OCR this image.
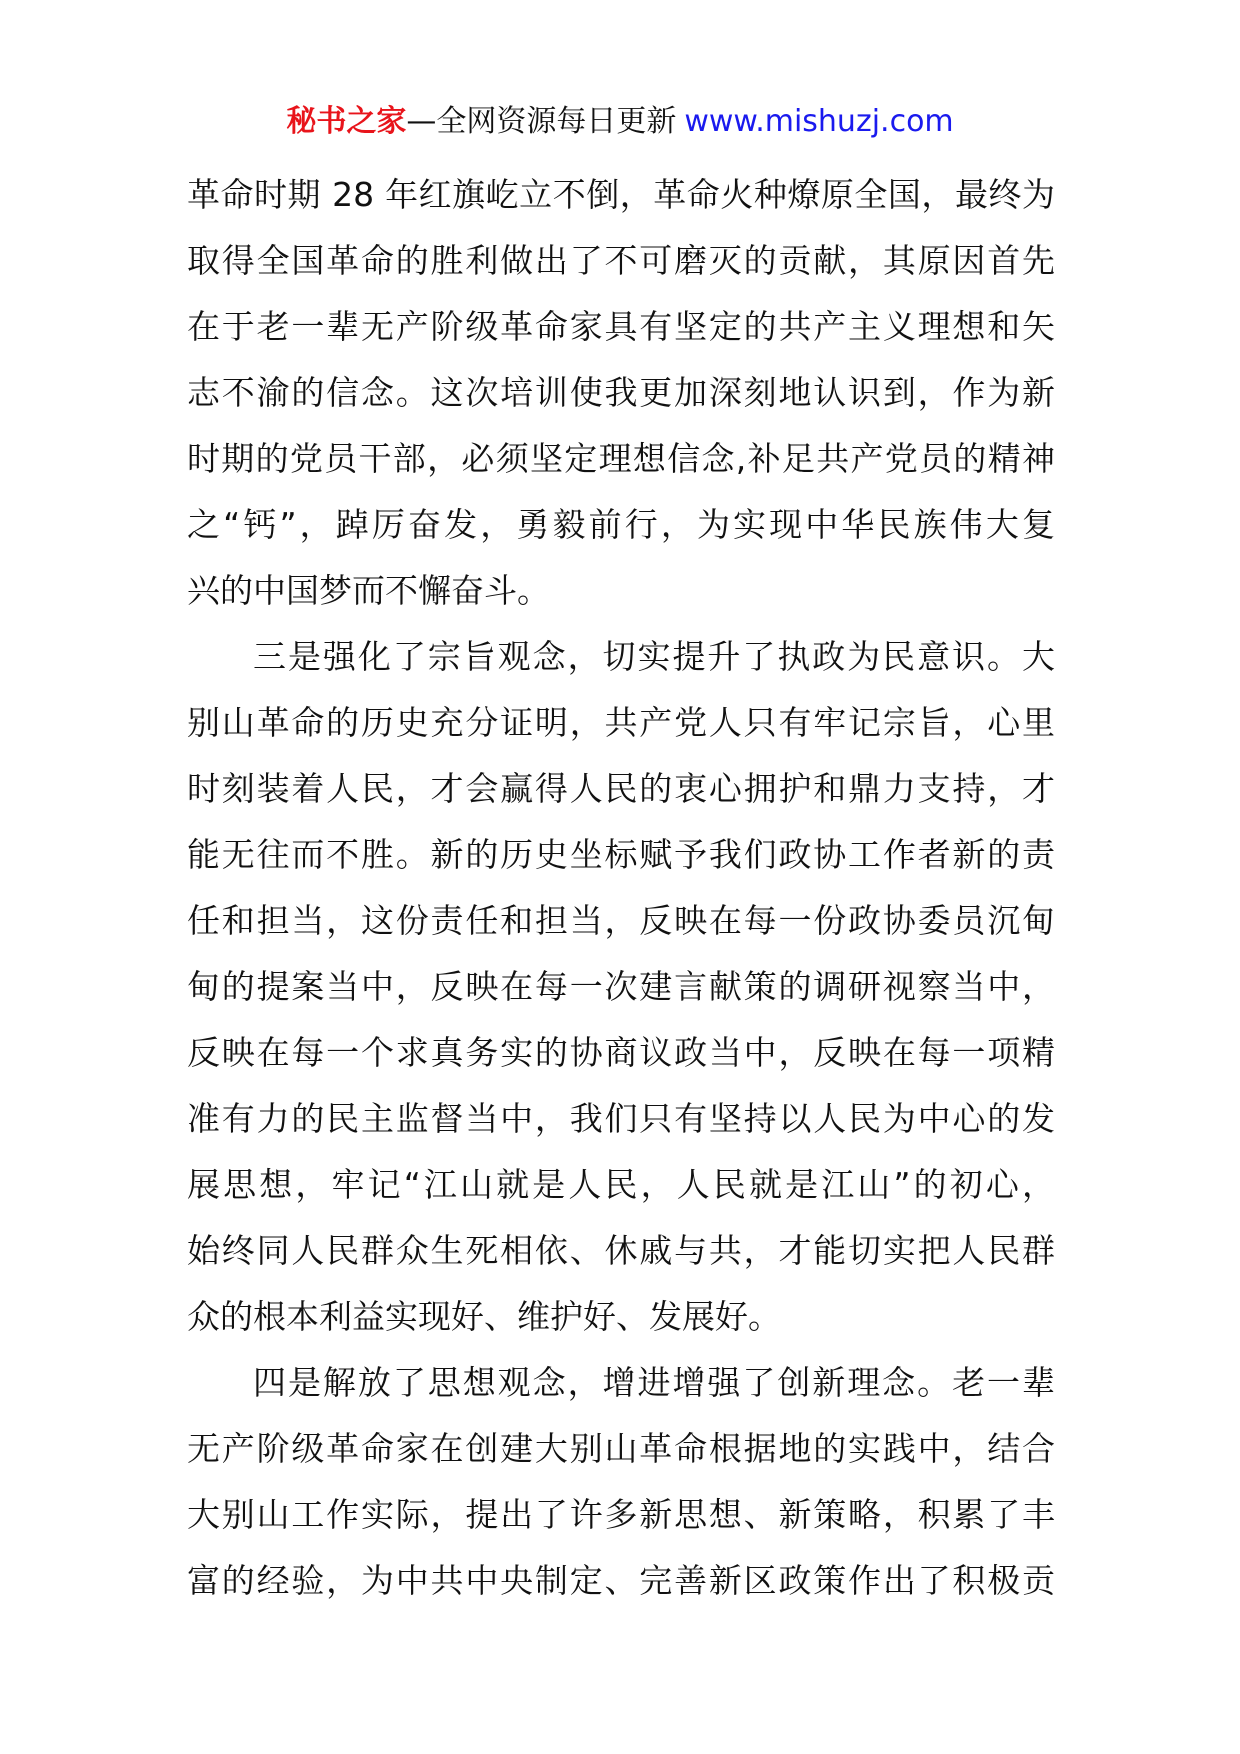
秘书之家—全网资源每日更新 www.mishuzj.com
革命时期 28 年红旗屹立不倒，革命火种燎原全国，最终为
取得全国革命的胜利做出了不可磨灭的贡献，其原因首先
在于老一辈无产阶级革命家具有坚定的共产主义理想和矢
志不渝的信念。这次培训使我更加深刻地认识到，作为新
时期的党员干部，必须坚定理想信念,补足共产党员的精神
之“钙”，踔厉奋发，勇毅前行，为实现中华民族伟大复
兴的中国梦而不懈奋斗。
三是强化了宗旨观念，切实提升了执政为民意识。大
别山革命的历史充分证明，共产党人只有牢记宗旨，心里
时刻装着人民，才会赢得人民的衷心拥护和鼎力支持，才
能无往而不胜。新的历史坐标赋予我们政协工作者新的责
任和担当，这份责任和担当，反映在每一份政协委员沉甸
甸的提案当中，反映在每一次建言献策的调研视察当中，
反映在每一个求真务实的协商议政当中，反映在每一项精
准有力的民主监督当中，我们只有坚持以人民为中心的发
展思想，牢记“江山就是人民，人民就是江山”的初心，
始终同人民群众生死相依、休戚与共，才能切实把人民群
众的根本利益实现好、维护好、发展好。
四是解放了思想观念，增进增强了创新理念。老一辈
无产阶级革命家在创建大别山革命根据地的实践中，结合
大别山工作实际，提出了许多新思想、新策略，积累了丰
富的经验，为中共中央制定、完善新区政策作出了积极贡
